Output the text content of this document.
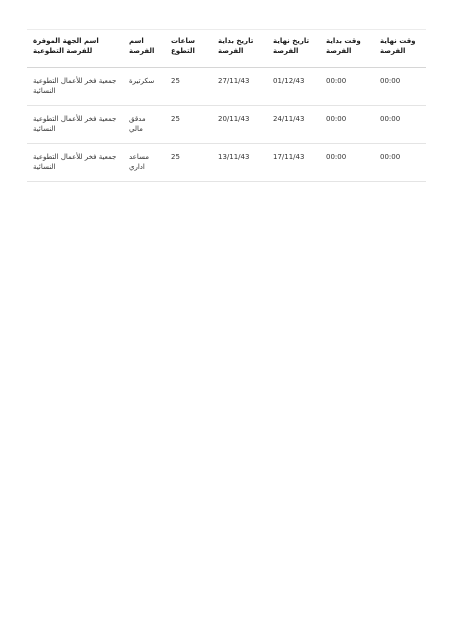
اسم الجهة الموفرة للفرصة التطوعية	اسم الفرصة	ساعات التطوع	تاريخ بداية الفرصة	تاريخ نهاية الفرصة	وقت بداية الفرصة	وقت نهاية الفرصة

جمعية فخر للأعمال التطوعية النسائية	سكرتيرة	25	27/11/43	01/12/43	00:00	00:00

جمعية فخر للأعمال التطوعية النسائية	مدقق مالي	25	20/11/43	24/11/43	00:00	00:00

جمعية فخر للأعمال التطوعية النسائية	مساعد اداري	25	13/11/43	17/11/43	00:00	00:00
